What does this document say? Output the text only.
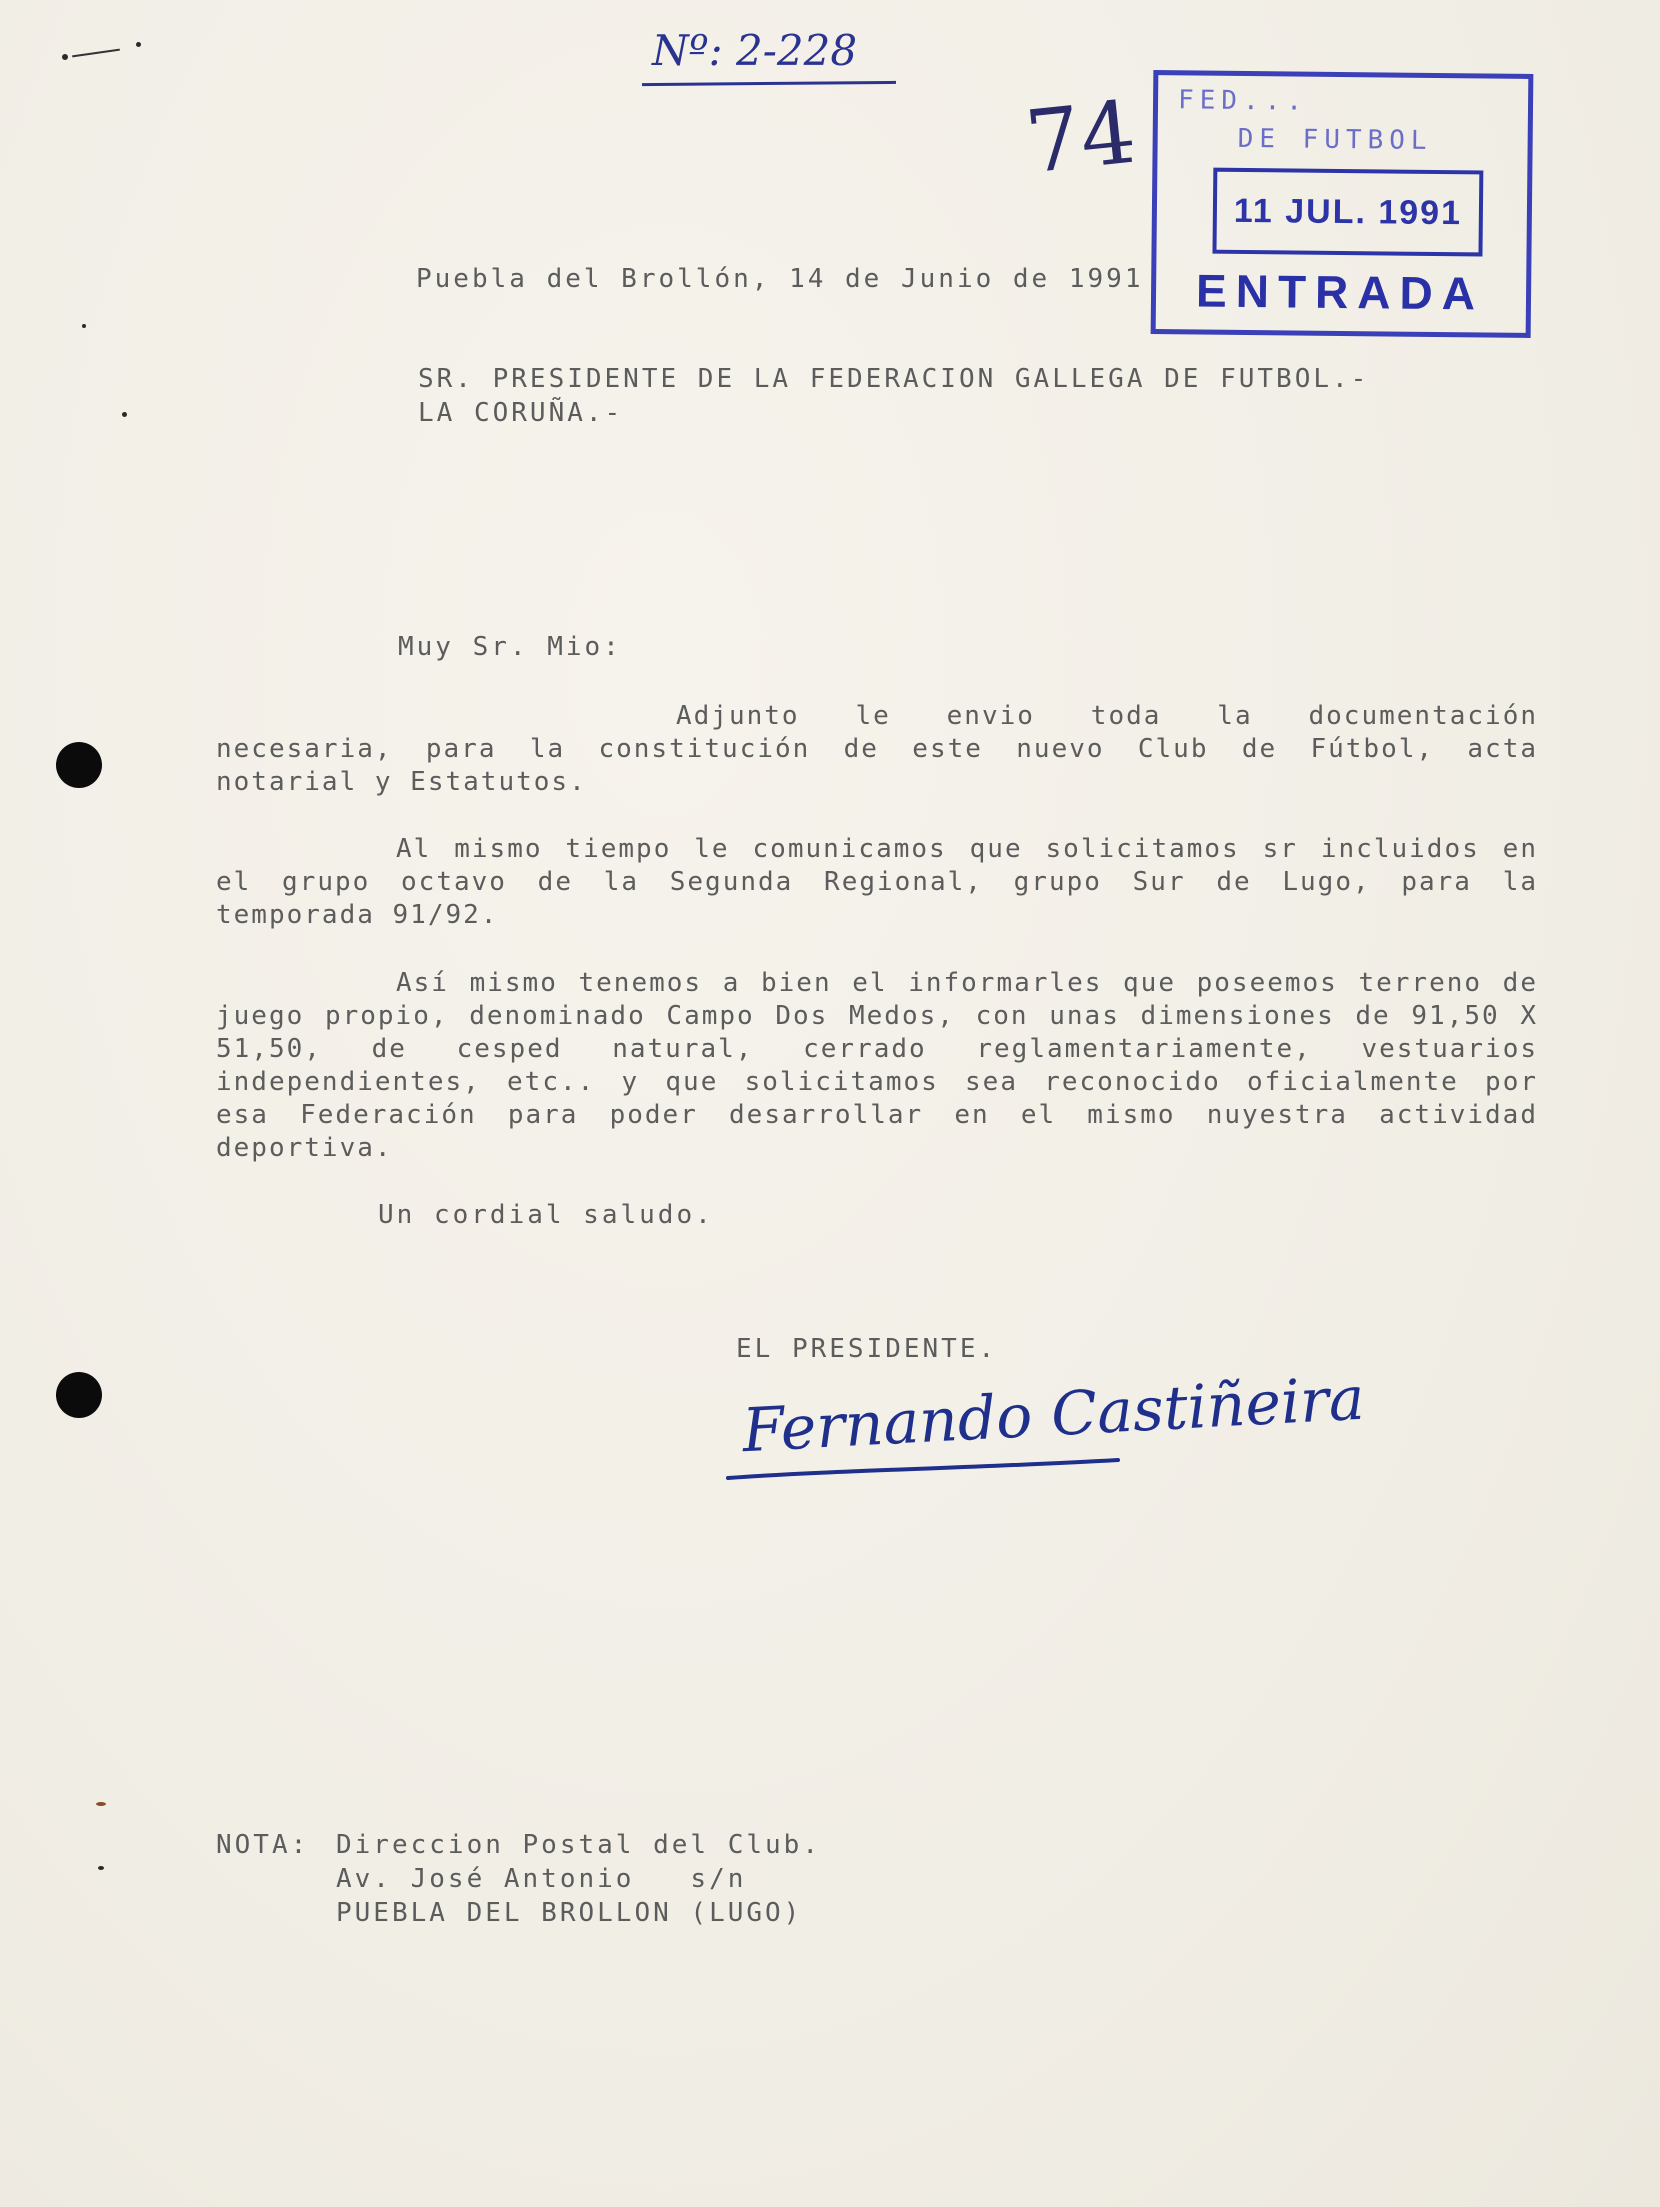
Nº: 2-228
74 FED...
DE FUTBOL
11 JUL. 1991
ENTRADA
Puebla del Brollón, 14 de Junio de 1991
SR. PRESIDENTE DE LA FEDERACION GALLEGA DE FUTBOL.-
LA CORUÑA.-
Muy Sr. Mio:

Adjunto le envio toda la documentación necesaria, para la constitución de este nuevo Club de Fútbol, acta notarial y Estatutos.

Al mismo tiempo le comunicamos que solicitamos sr incluidos en el grupo octavo de la Segunda Regional, grupo Sur de Lugo, para la temporada 91/92.

Así mismo tenemos a bien el informarles que poseemos terreno de juego propio, denominado Campo Dos Medos, con unas dimensiones de 91,50 X 51,50, de cesped natural, cerrado reglamentariamente, vestuarios independientes, etc.. y que solicitamos sea reconocido oficialmente por esa Federación para poder desarrollar en el mismo nuyestra actividad deportiva.

Un cordial saludo.
EL PRESIDENTE.
Fernando Castiñeira
NOTA: Direccion Postal del Club.
Av. José Antonio   s/n
PUEBLA DEL BROLLON (LUGO)
